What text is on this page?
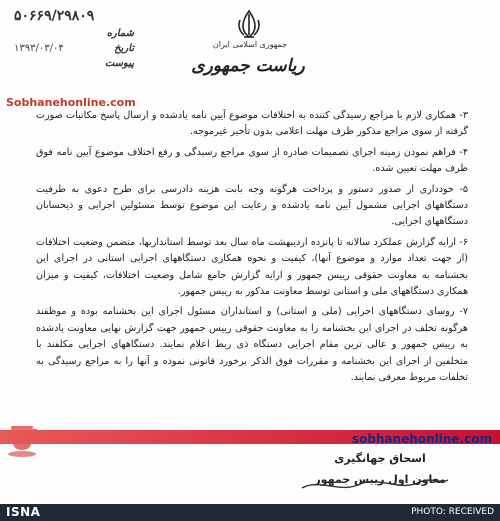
جمهوری اسلامی ایران
ریاست جمهوری
۵۰۶۶۹/۲۹۸۰۹
شماره
۱۳۹۳/۰۳/۰۴	تاریخ
پیوست
Sobhanehonline.com

۳- همکاری لازم با مراجع رسیدگی کننده به اختلافات موضوع آیین نامه یادشده و ارسال پاسخ مکاتبات صورت گرفته از سوی مراجع مذکور ظرف مهلت اعلامی بدون تأخیر غیرموجه.

۴- فراهم نمودن زمینه اجرای تصمیمات صادره از سوی مراجع رسیدگی و رفع اختلاف موضوع آیین نامه فوق ظرف مهلت تعیین شده.

۵- خودداری از صدور دستور و پرداخت هرگونه وجه بابت هزینه دادرسی برای طرح دعوی به طرفیت دستگاههای اجرایی مشمول آیین نامه یادشده و رعایت این موضوع توسط مسئولین اجرایی و ذیحسابان دستگاههای اجرایی.

۶- ارایه گزارش عملکرد سالانه تا پانزده اردیبهشت ماه سال بعد توسط استانداریها، متضمن وضعیت اختلافات (از جهت تعداد موارد و موضوع آنها)، کیفیت و نحوه همکاری دستگاههای اجرایی استانی در اجرای این بخشنامه به معاونت حقوقی رییس جمهور و ارایه گزارش جامع شامل وضعیت اختلافات، کیفیت و میزان همکاری دستگاههای ملی و استانی توسط معاونت مذکور به رییس جمهور.

۷- روسای دستگاههای اجرایی (ملی و استانی) و استانداران مسئول اجرای این بخشنامه بوده و موظفند هرگونه تخلف در اجرای این بخشنامه را به معاونت حقوقی رییس جمهور جهت گزارش نهایی معاونت یادشده به رییس جمهور و عالی ترین مقام اجرایی دستگاه ذی ربط اعلام نمایند. دستگاههای اجرایی مکلفند با متخلفین از اجرای این بخشنامه و مقررات فوق الذکر برخورد قانونی نموده و آنها را به مراجع رسیدگی به تخلفات مربوط معرفی نمایند.

sobhanehonline.com
اسحاق جهانگیری
معاون اول رییس جمهور
ISNA	PHOTO: RECEIVED
